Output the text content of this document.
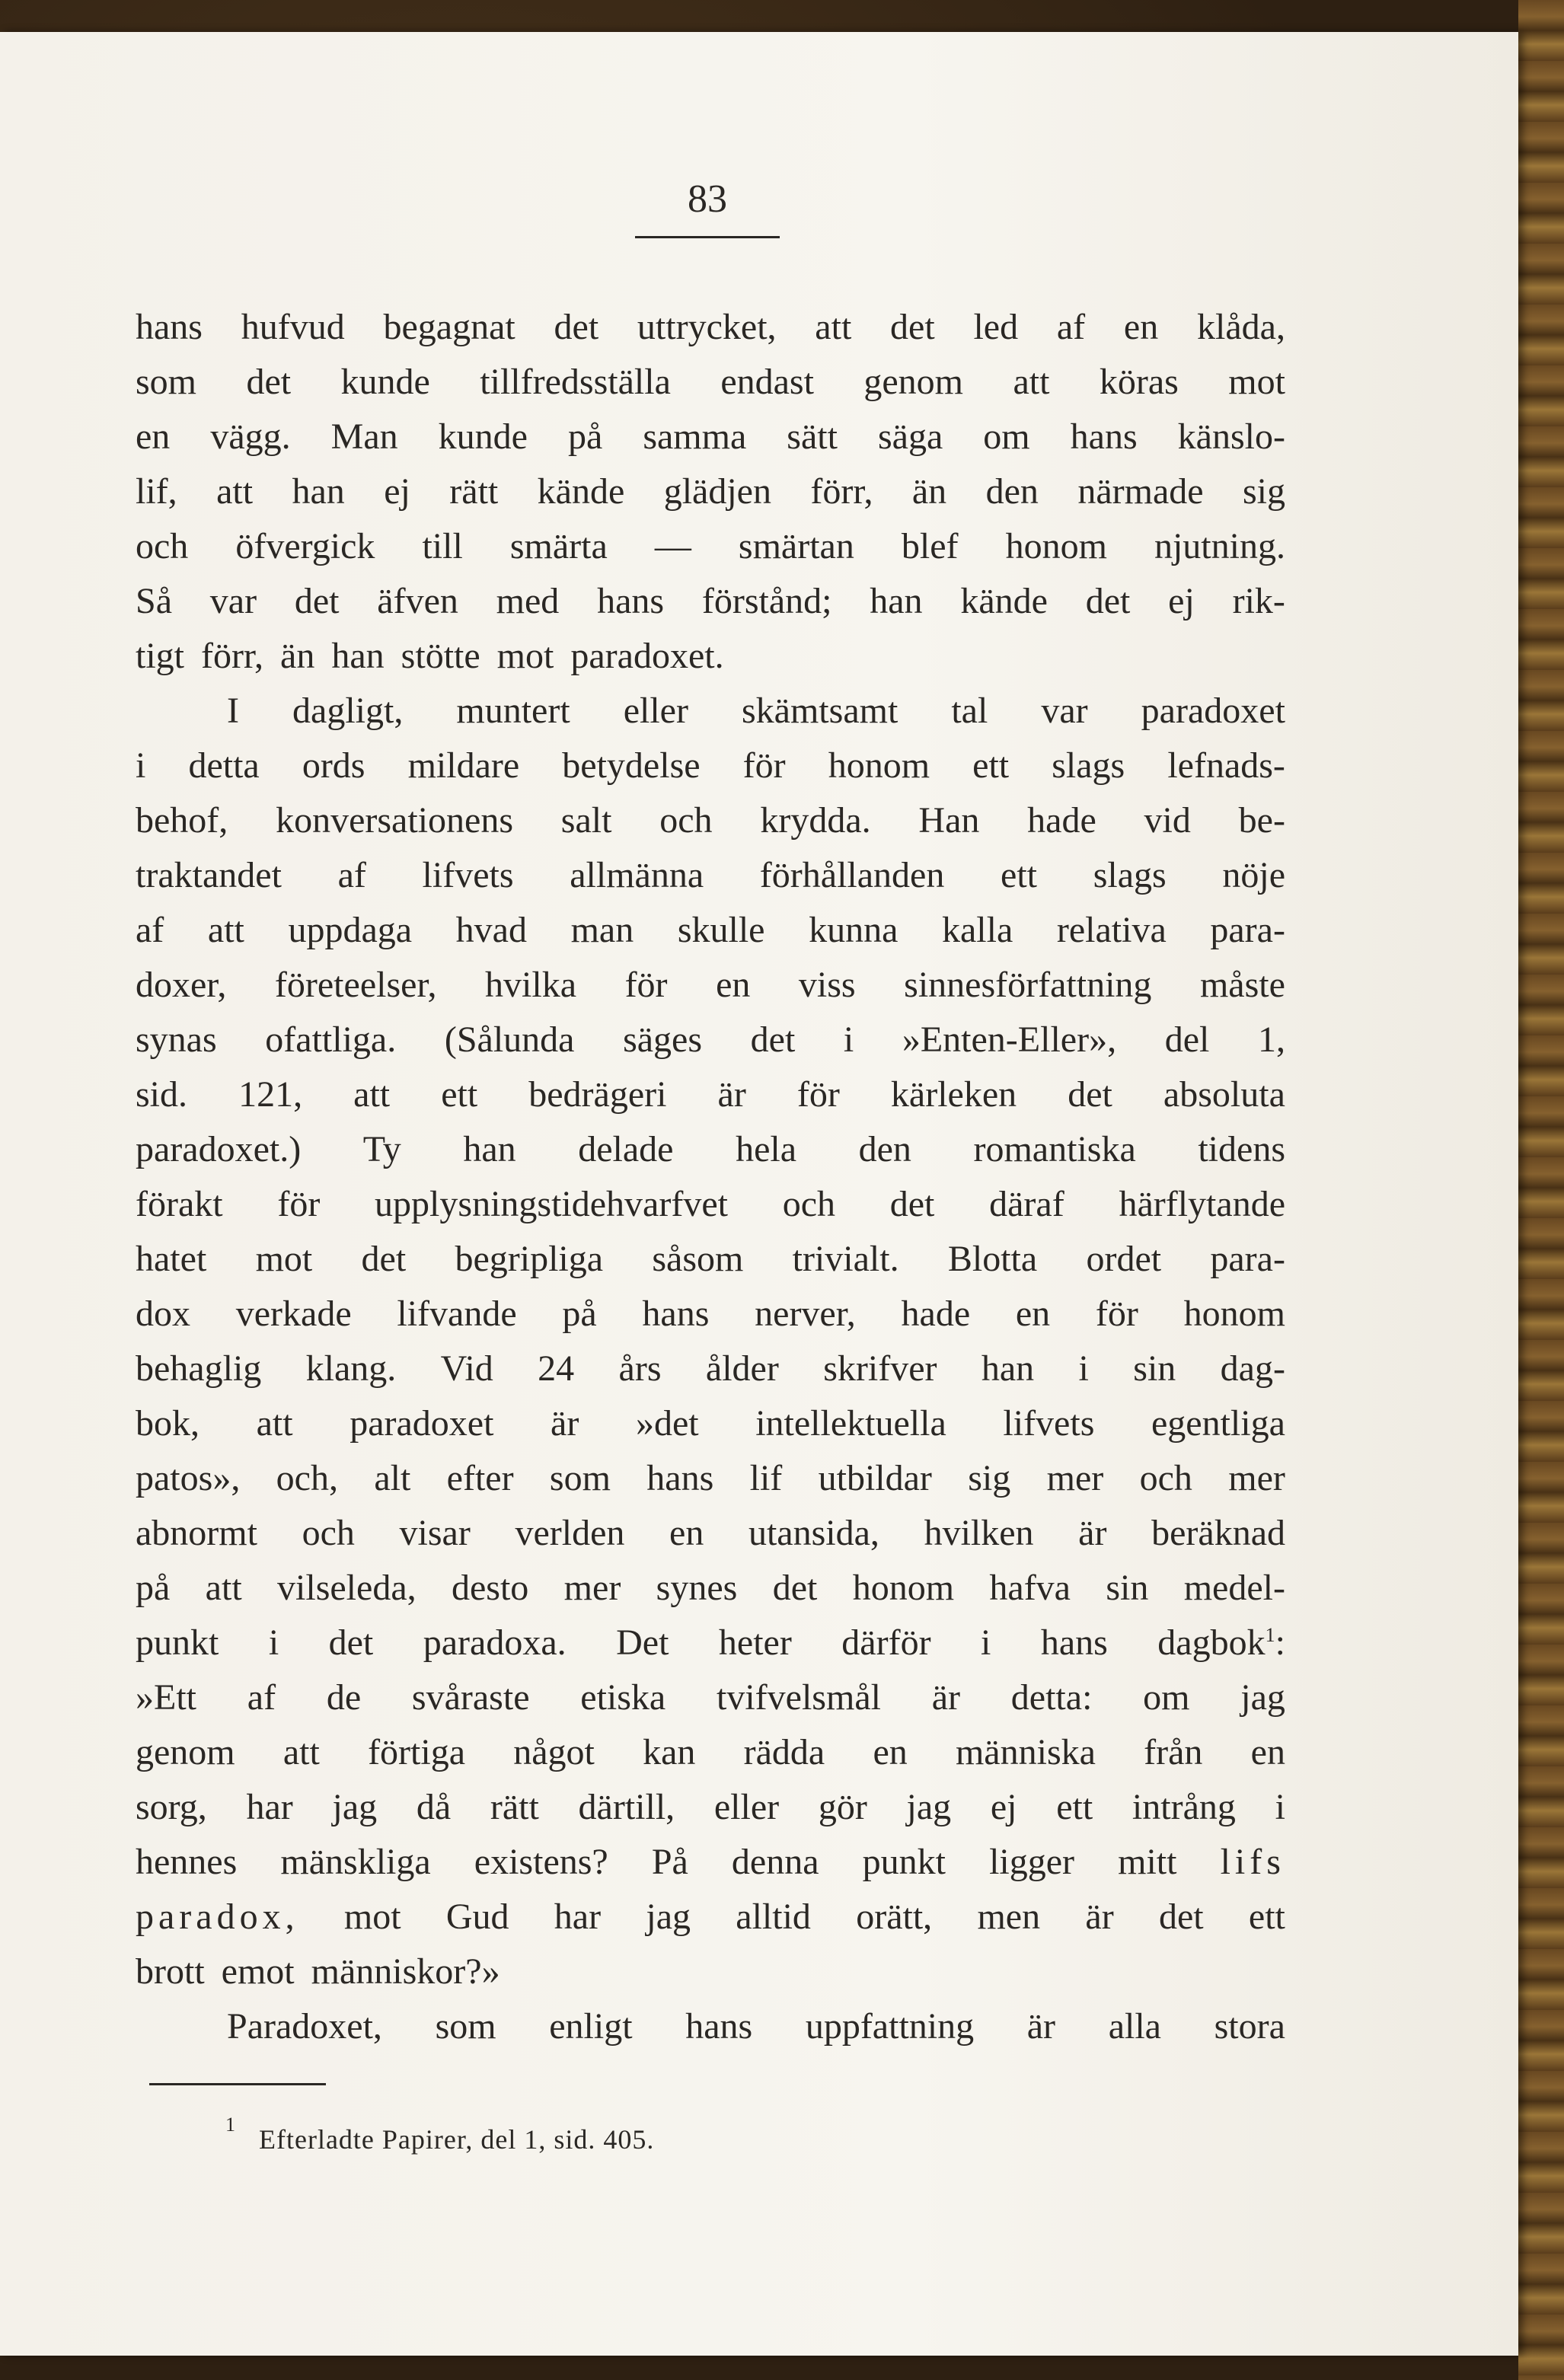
83
hans hufvud begagnat det uttrycket, att det led af en klåda,
som det kunde tillfredsställa endast genom att köras mot
en vägg. Man kunde på samma sätt säga om hans känslo-
lif, att han ej rätt kände glädjen förr, än den närmade sig
och öfvergick till smärta — smärtan blef honom njutning.
Så var det äfven med hans förstånd; han kände det ej rik-
tigt förr, än han stötte mot paradoxet.
I dagligt, muntert eller skämtsamt tal var paradoxet
i detta ords mildare betydelse för honom ett slags lefnads-
behof, konversationens salt och krydda. Han hade vid be-
traktandet af lifvets allmänna förhållanden ett slags nöje
af att uppdaga hvad man skulle kunna kalla relativa para-
doxer, företeelser, hvilka för en viss sinnesförfattning måste
synas ofattliga. (Sålunda säges det i »Enten-Eller», del 1,
sid. 121, att ett bedrägeri är för kärleken det absoluta
paradoxet.) Ty han delade hela den romantiska tidens
förakt för upplysningstidehvarfvet och det däraf härflytande
hatet mot det begripliga såsom trivialt. Blotta ordet para-
dox verkade lifvande på hans nerver, hade en för honom
behaglig klang. Vid 24 års ålder skrifver han i sin dag-
bok, att paradoxet är »det intellektuella lifvets egentliga
patos», och, alt efter som hans lif utbildar sig mer och mer
abnormt och visar verlden en utansida, hvilken är beräknad
på att vilseleda, desto mer synes det honom hafva sin medel-
punkt i det paradoxa. Det heter därför i hans dagbok$^1$:
»Ett af de svåraste etiska tvifvelsmål är detta: om jag
genom att förtiga något kan rädda en människa från en
sorg, har jag då rätt därtill, eller gör jag ej ett intrång i
hennes mänskliga existens? På denna punkt ligger mitt lifs
paradox, mot Gud har jag alltid orätt, men är det ett
brott emot människor?»
Paradoxet, som enligt hans uppfattning är alla stora
1 Efterladte Papirer, del 1, sid. 405.
